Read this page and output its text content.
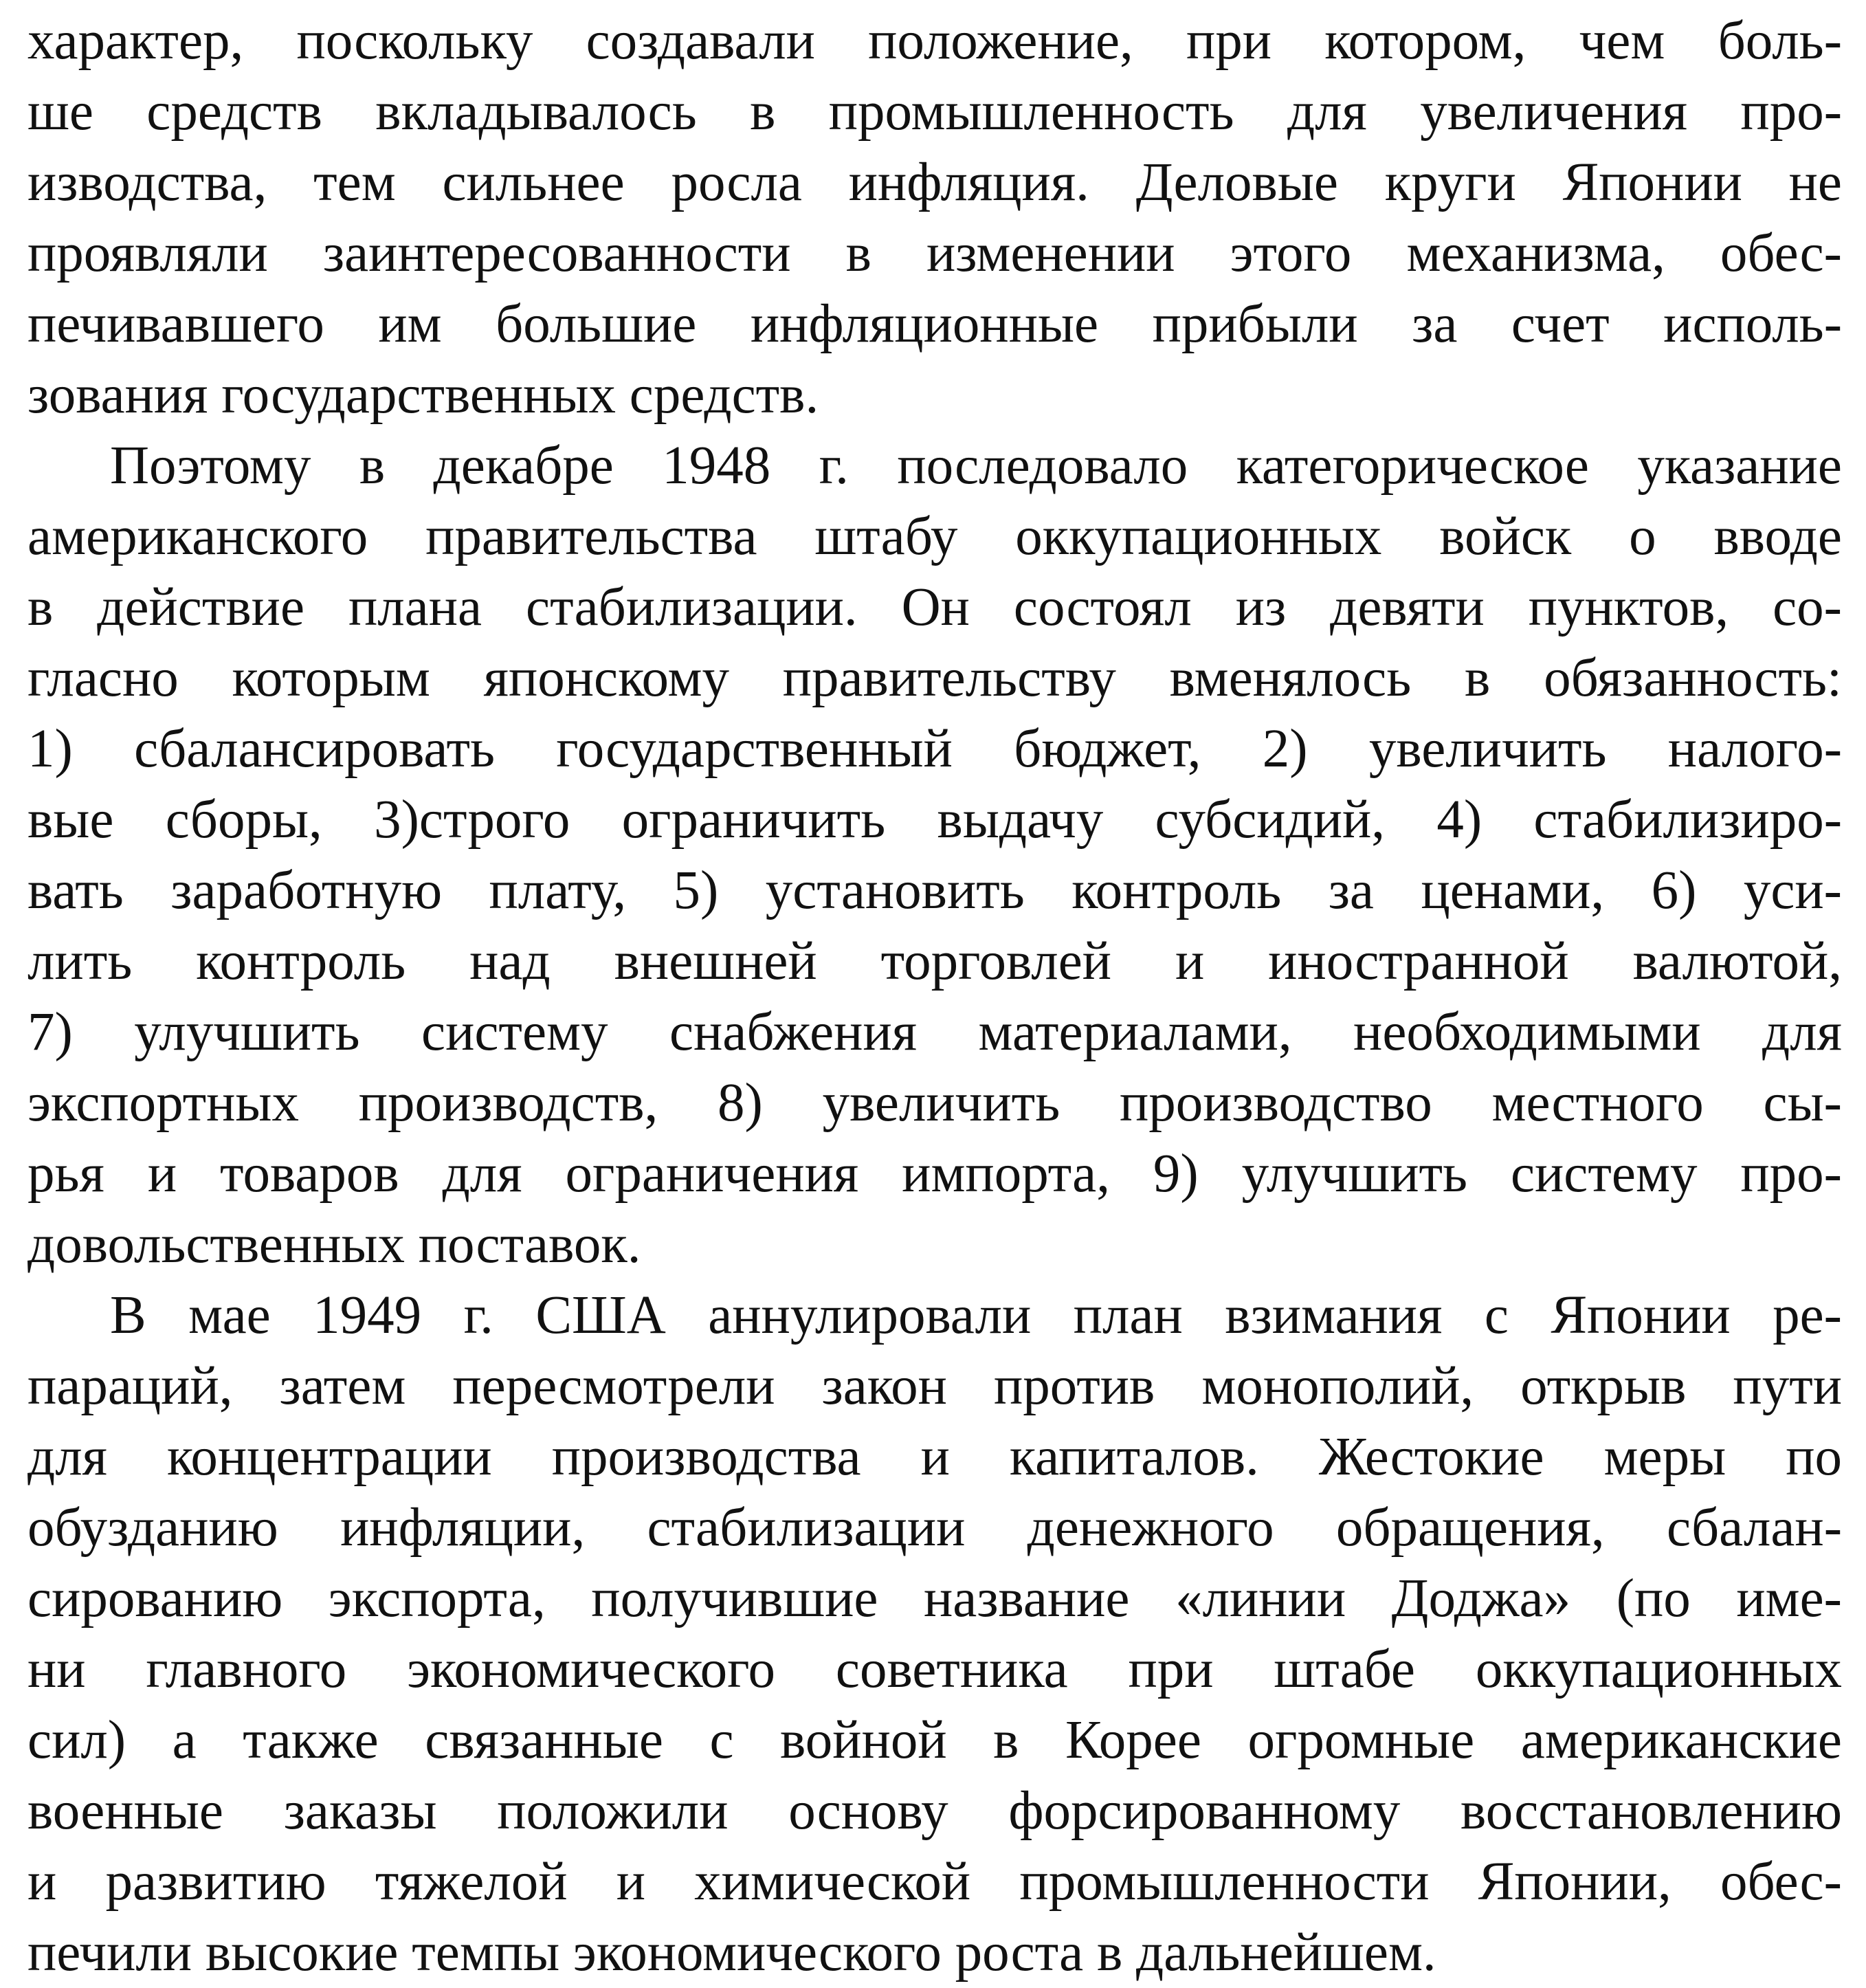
характер, поскольку создавали положение, при котором, чем боль-
ше средств вкладывалось в промышленность для увеличения про-
изводства, тем сильнее росла инфляция. Деловые круги Японии не
проявляли заинтересованности в изменении этого механизма, обес-
печивавшего им большие инфляционные прибыли за счет исполь-
зования государственных средств.
Поэтому в декабре 1948 г. последовало категорическое указание
американского правительства штабу оккупационных войск о вводе
в действие плана стабилизации. Он состоял из девяти пунктов, со-
гласно которым японскому правительству вменялось в обязанность:
1) сбалансировать государственный бюджет, 2) увеличить налого-
вые сборы, 3)строго ограничить выдачу субсидий, 4) стабилизиро-
вать заработную плату, 5) установить контроль за ценами, 6) уси-
лить контроль над внешней торговлей и иностранной валютой,
7) улучшить систему снабжения материалами, необходимыми для
экспортных производств, 8) увеличить производство местного сы-
рья и товаров для ограничения импорта, 9) улучшить систему про-
довольственных поставок.
В мае 1949 г. США аннулировали план взимания с Японии ре-
параций, затем пересмотрели закон против монополий, открыв пути
для концентрации производства и капиталов. Жестокие меры по
обузданию инфляции, стабилизации денежного обращения, сбалан-
сированию экспорта, получившие название «линии Доджа» (по име-
ни главного экономического советника при штабе оккупационных
сил) а также связанные с войной в Корее огромные американские
военные заказы положили основу форсированному восстановлению
и развитию тяжелой и химической промышленности Японии, обес-
печили высокие темпы экономического роста в дальнейшем.
